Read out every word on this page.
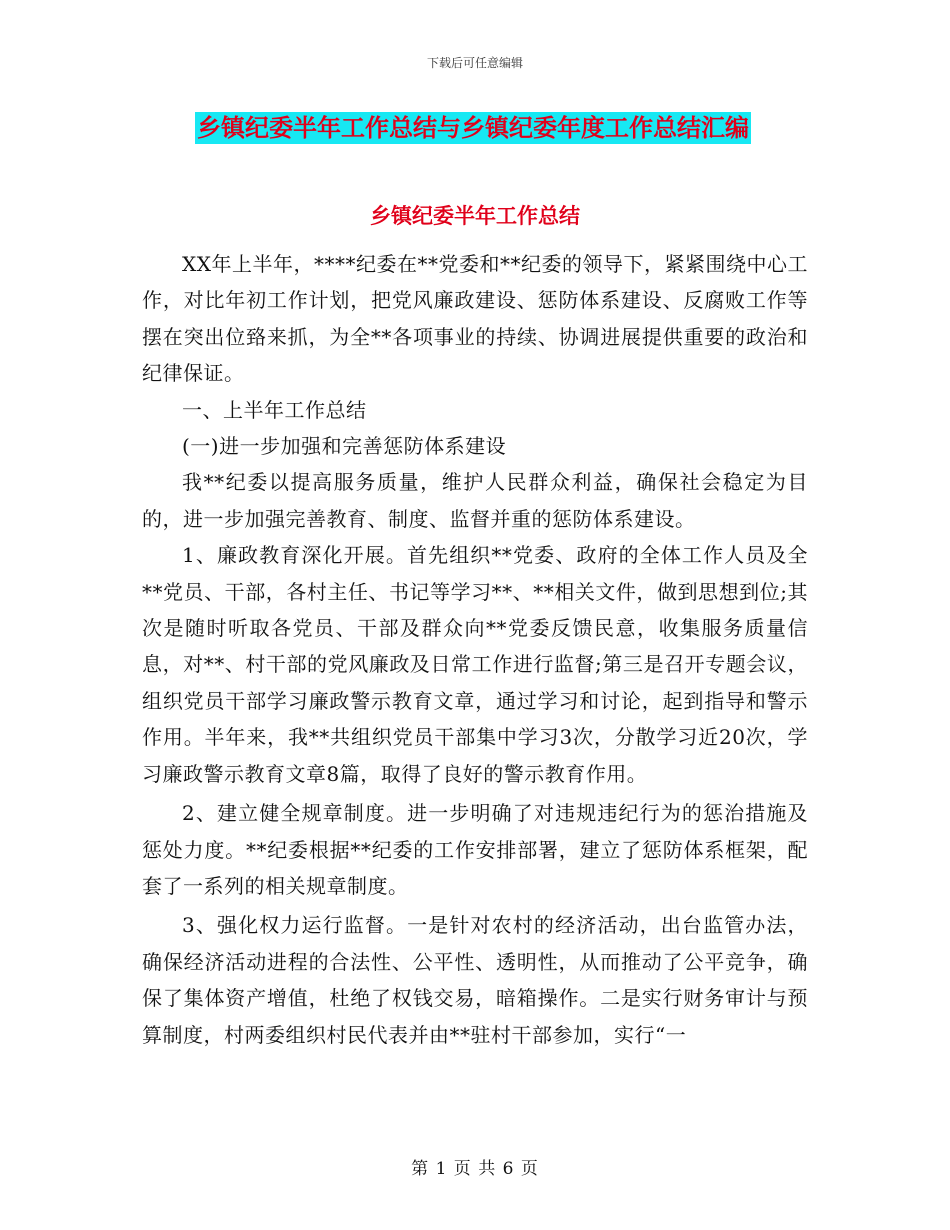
下载后可任意编辑
乡镇纪委半年工作总结与乡镇纪委年度工作总结汇编
乡镇纪委半年工作总结

XX年上半年，****纪委在**党委和**纪委的领导下，紧紧围绕中心工作，对比年初工作计划，把党风廉政建设、惩防体系建设、反腐败工作等摆在突出位臵来抓，为全**各项事业的持续、协调进展提供重要的政治和纪律保证。

一、上半年工作总结

(一)进一步加强和完善惩防体系建设

我**纪委以提高服务质量，维护人民群众利益，确保社会稳定为目的，进一步加强完善教育、制度、监督并重的惩防体系建设。

1、廉政教育深化开展。首先组织**党委、政府的全体工作人员及全**党员、干部，各村主任、书记等学习**、**相关文件，做到思想到位;其次是随时听取各党员、干部及群众向**党委反馈民意，收集服务质量信息，对**、村干部的党风廉政及日常工作进行监督;第三是召开专题会议，组织党员干部学习廉政警示教育文章，通过学习和讨论，起到指导和警示作用。半年来，我**共组织党员干部集中学习3次，分散学习近20次，学习廉政警示教育文章8篇，取得了良好的警示教育作用。

2、建立健全规章制度。进一步明确了对违规违纪行为的惩治措施及惩处力度。**纪委根据**纪委的工作安排部署，建立了惩防体系框架，配套了一系列的相关规章制度。

3、强化权力运行监督。一是针对农村的经济活动，出台监管办法，确保经济活动进程的合法性、公平性、透明性，从而推动了公平竞争，确保了集体资产增值，杜绝了权钱交易，暗箱操作。二是实行财务审计与预算制度，村两委组织村民代表并由**驻村干部参加，实行“一

第 1 页 共 6 页
